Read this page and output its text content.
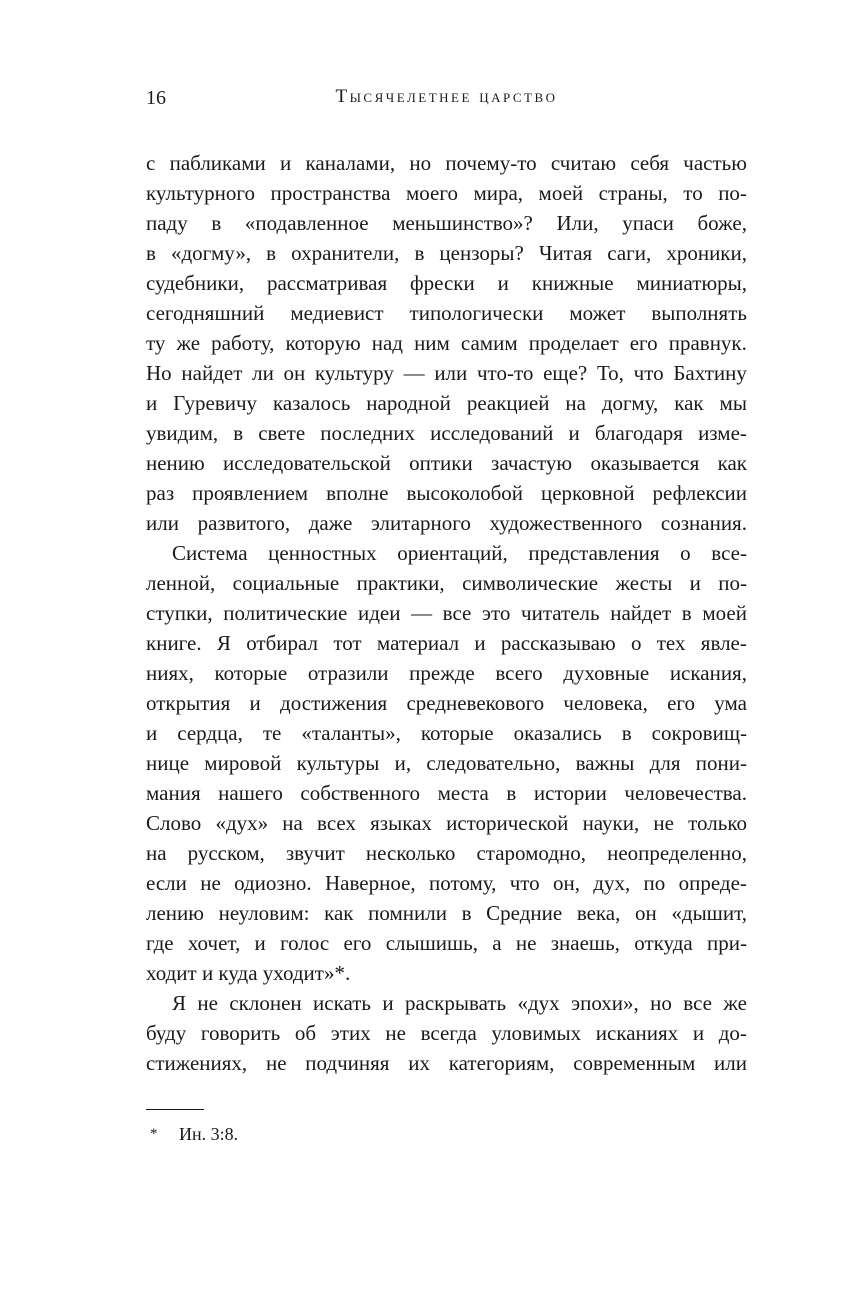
16	Тысячелетнее царство
с пабликами и каналами, но почему-то считаю себя частью
культурного пространства моего мира, моей страны, то по-
паду в «подавленное меньшинство»? Или, упаси боже,
в «догму», в охранители, в цензоры? Читая саги, хроники,
судебники, рассматривая фрески и книжные миниатюры,
сегодняшний медиевист типологически может выполнять
ту же работу, которую над ним самим проделает его правнук.
Но найдет ли он культуру — или что-то еще? То, что Бахтину
и Гуревичу казалось народной реакцией на догму, как мы
увидим, в свете последних исследований и благодаря изме-
нению исследовательской оптики зачастую оказывается как
раз проявлением вполне высоколобой церковной рефлексии
или развитого, даже элитарного художественного сознания.
Система ценностных ориентаций, представления о все-
ленной, социальные практики, символические жесты и по-
ступки, политические идеи — все это читатель найдет в моей
книге. Я отбирал тот материал и рассказываю о тех явле-
ниях, которые отразили прежде всего духовные искания,
открытия и достижения средневекового человека, его ума
и сердца, те «таланты», которые оказались в сокровищ-
нице мировой культуры и, следовательно, важны для пони-
мания нашего собственного места в истории человечества.
Слово «дух» на всех языках исторической науки, не только
на русском, звучит несколько старомодно, неопределенно,
если не одиозно. Наверное, потому, что он, дух, по опреде-
лению неуловим: как помнили в Средние века, он «дышит,
где хочет, и голос его слышишь, а не знаешь, откуда при-
ходит и куда уходит»*.
Я не склонен искать и раскрывать «дух эпохи», но все же
буду говорить об этих не всегда уловимых исканиях и до-
стижениях, не подчиняя их категориям, современным или
*	Ин. 3:8.
